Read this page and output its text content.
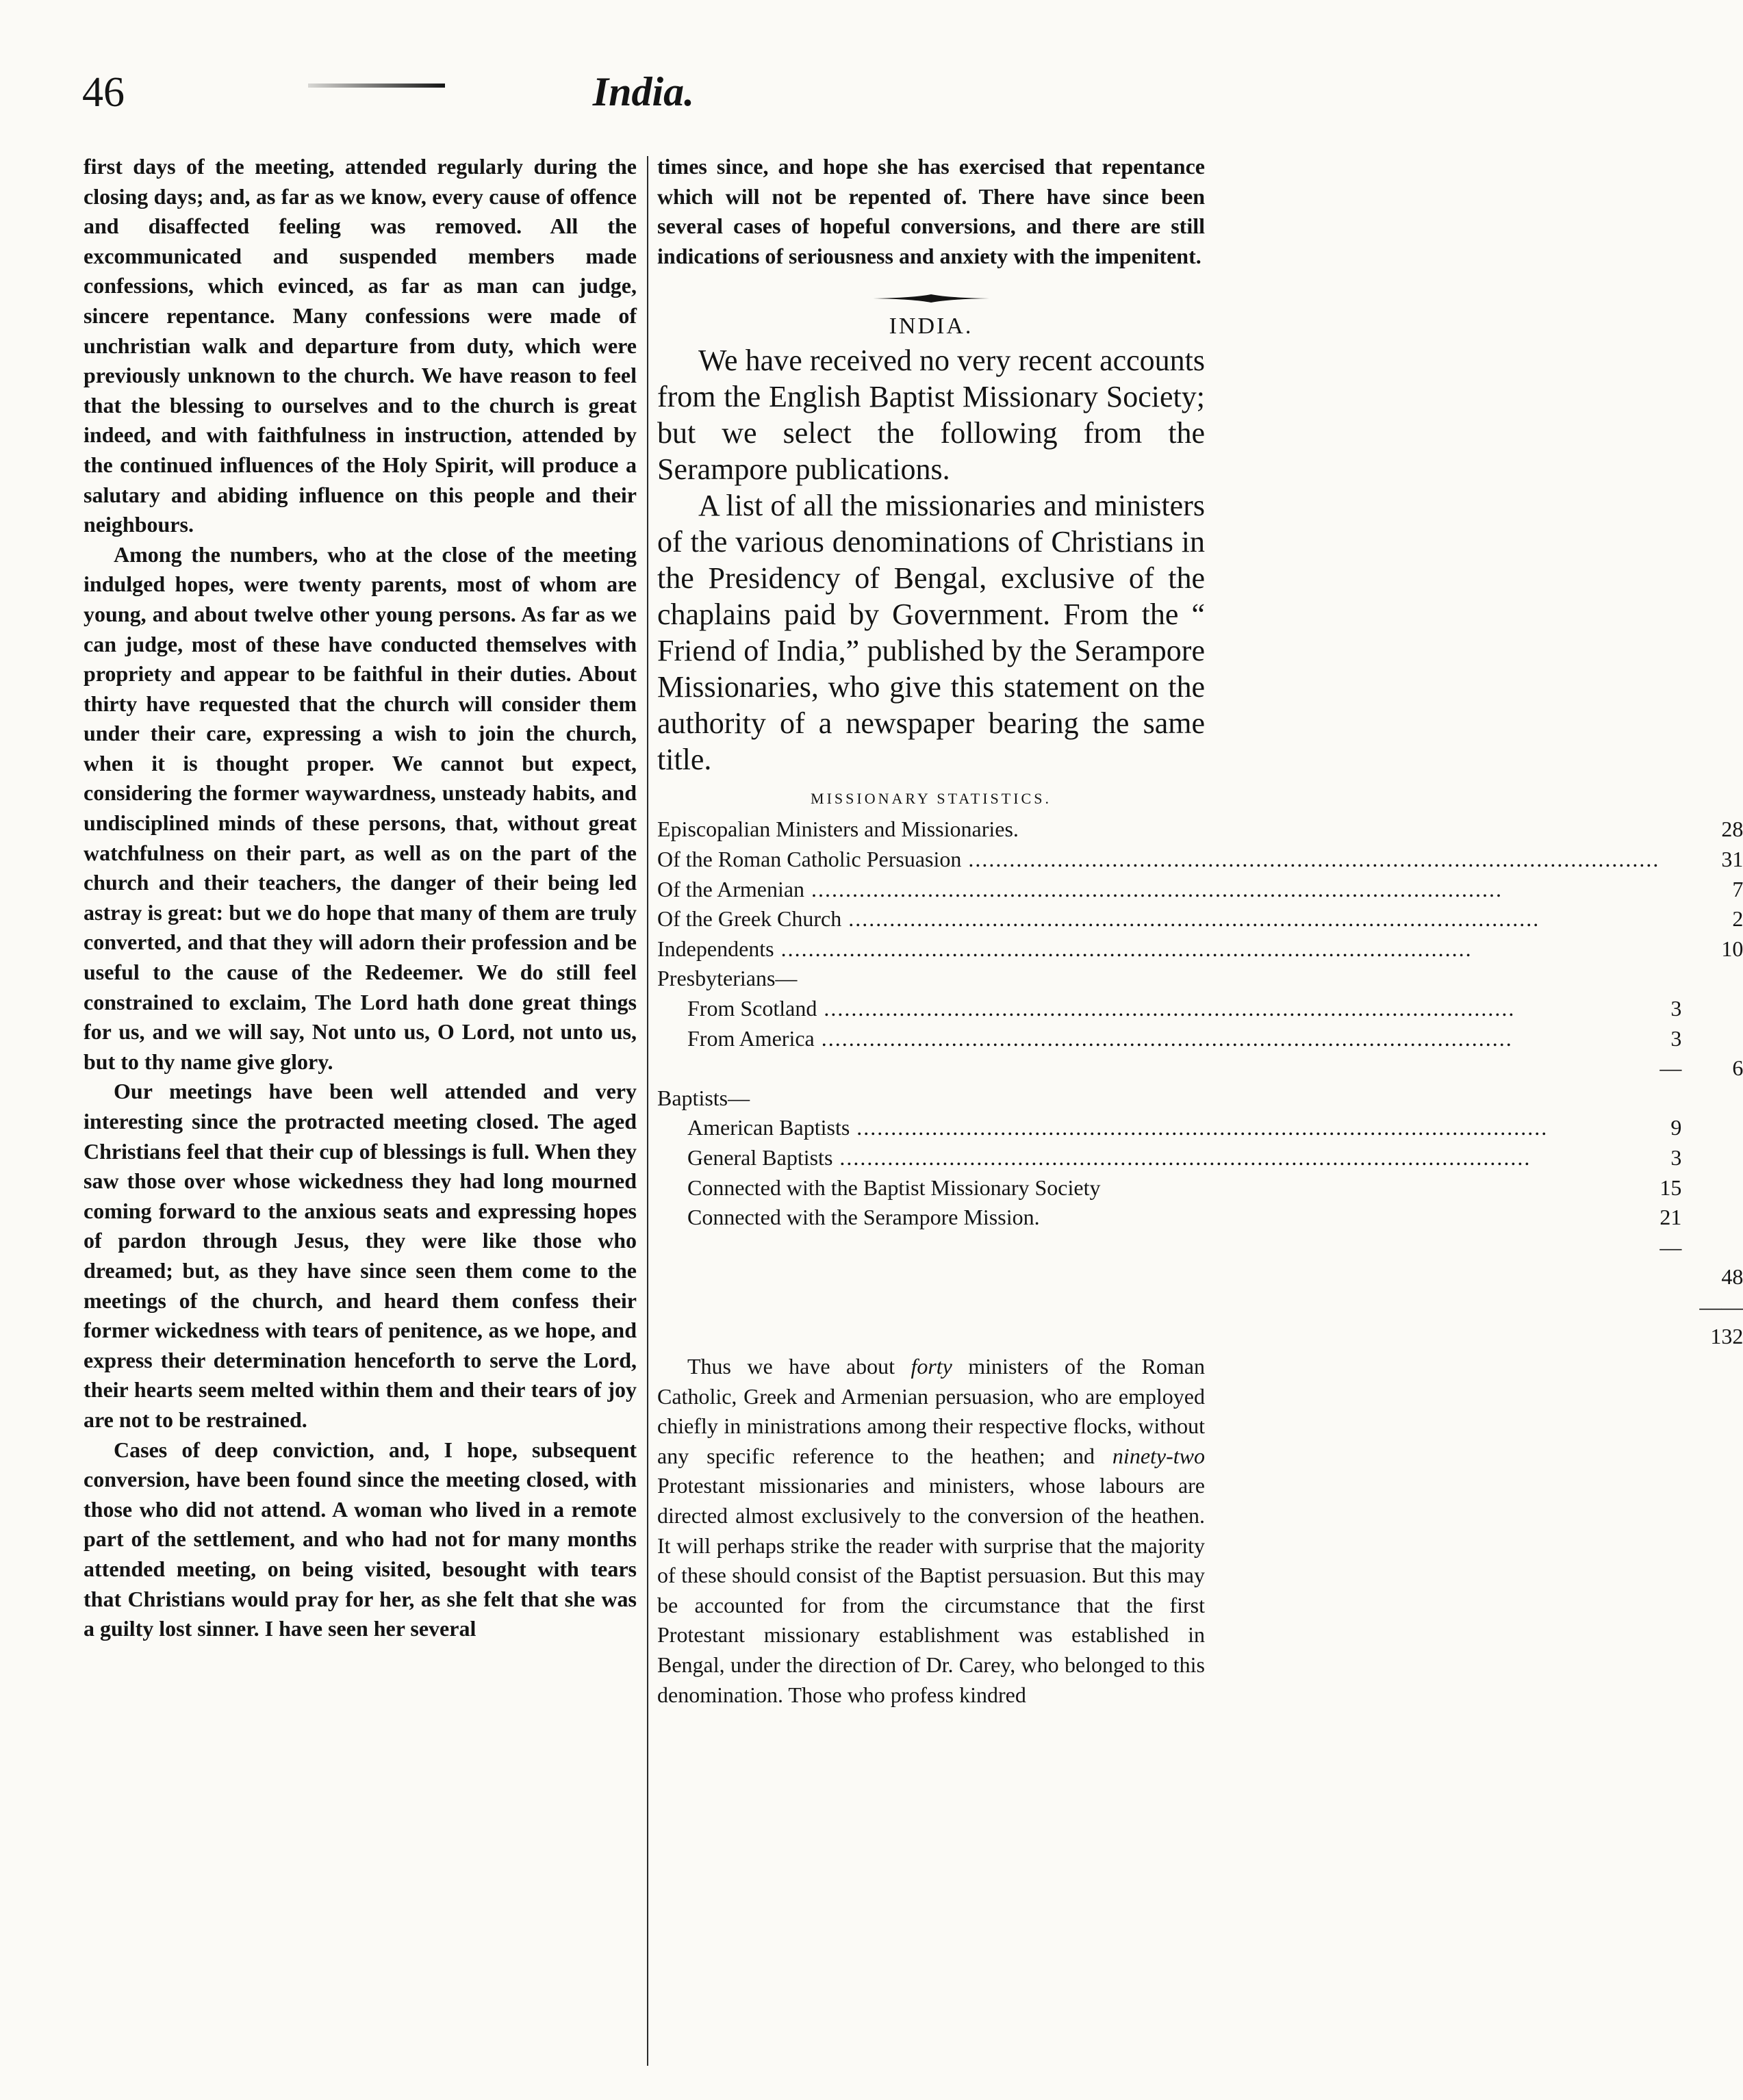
46	India.

first days of the meeting, attended regularly during the closing days; and, as far as we know, every cause of offence and disaffected feeling was removed. All the excommunicated and suspended members made confessions, which evinced, as far as man can judge, sincere repentance. Many confessions were made of unchristian walk and departure from duty, which were previously unknown to the church. We have reason to feel that the blessing to ourselves and to the church is great indeed, and with faithfulness in instruction, attended by the continued influences of the Holy Spirit, will produce a salutary and abiding influence on this people and their neighbours.

Among the numbers, who at the close of the meeting indulged hopes, were twenty parents, most of whom are young, and about twelve other young persons. As far as we can judge, most of these have conducted themselves with propriety and appear to be faithful in their duties. About thirty have requested that the church will consider them under their care, expressing a wish to join the church, when it is thought proper. We cannot but expect, considering the former waywardness, unsteady habits, and undisciplined minds of these persons, that, without great watchfulness on their part, as well as on the part of the church and their teachers, the danger of their being led astray is great: but we do hope that many of them are truly converted, and that they will adorn their profession and be useful to the cause of the Redeemer. We do still feel constrained to exclaim, The Lord hath done great things for us, and we will say, Not unto us, O Lord, not unto us, but to thy name give glory.

Our meetings have been well attended and very interesting since the protracted meeting closed. The aged Christians feel that their cup of blessings is full. When they saw those over whose wickedness they had long mourned coming forward to the anxious seats and expressing hopes of pardon through Jesus, they were like those who dreamed; but, as they have since seen them come to the meetings of the church, and heard them confess their former wickedness with tears of penitence, as we hope, and express their determination henceforth to serve the Lord, their hearts seem melted within them and their tears of joy are not to be restrained.

Cases of deep conviction, and, I hope, subsequent conversion, have been found since the meeting closed, with those who did not attend. A woman who lived in a remote part of the settlement, and who had not for many months attended meeting, on being visited, besought with tears that Christians would pray for her, as she felt that she was a guilty lost sinner. I have seen her several

times since, and hope she has exercised that repentance which will not be repented of. There have since been several cases of hopeful conversions, and there are still indications of seriousness and anxiety with the impenitent.

INDIA.

We have received no very recent accounts from the English Baptist Missionary Society; but we select the following from the Serampore publications.

A list of all the missionaries and ministers of the various denominations of Christians in the Presidency of Bengal, exclusive of the chaplains paid by Government. From the “ Friend of India,” published by the Serampore Missionaries, who give this statement on the authority of a newspaper bearing the same title.

MISSIONARY STATISTICS.
Episcopalian Ministers and Missionaries.		28
Of the Roman Catholic Persuasion .....		31
Of the Armenian .....		7
Of the Greek Church .....		2
Independents .....		10
Presbyterians—		
From Scotland .....	3	
From America .....	3	
	—	6
Baptists—		
American Baptists .....	9	
General Baptists .....	3	
Connected with the Baptist Missionary Society	15	
Connected with the Serampore Mission.	21	
	—	
		48
		——
		132

Thus we have about forty ministers of the Roman Catholic, Greek and Armenian persuasion, who are employed chiefly in ministrations among their respective flocks, without any specific reference to the heathen; and ninety-two Protestant missionaries and ministers, whose labours are directed almost exclusively to the conversion of the heathen. It will perhaps strike the reader with surprise that the majority of these should consist of the Baptist persuasion. But this may be accounted for from the circumstance that the first Protestant missionary establishment was established in Bengal, under the direction of Dr. Carey, who belonged to this denomination. Those who profess kindred
